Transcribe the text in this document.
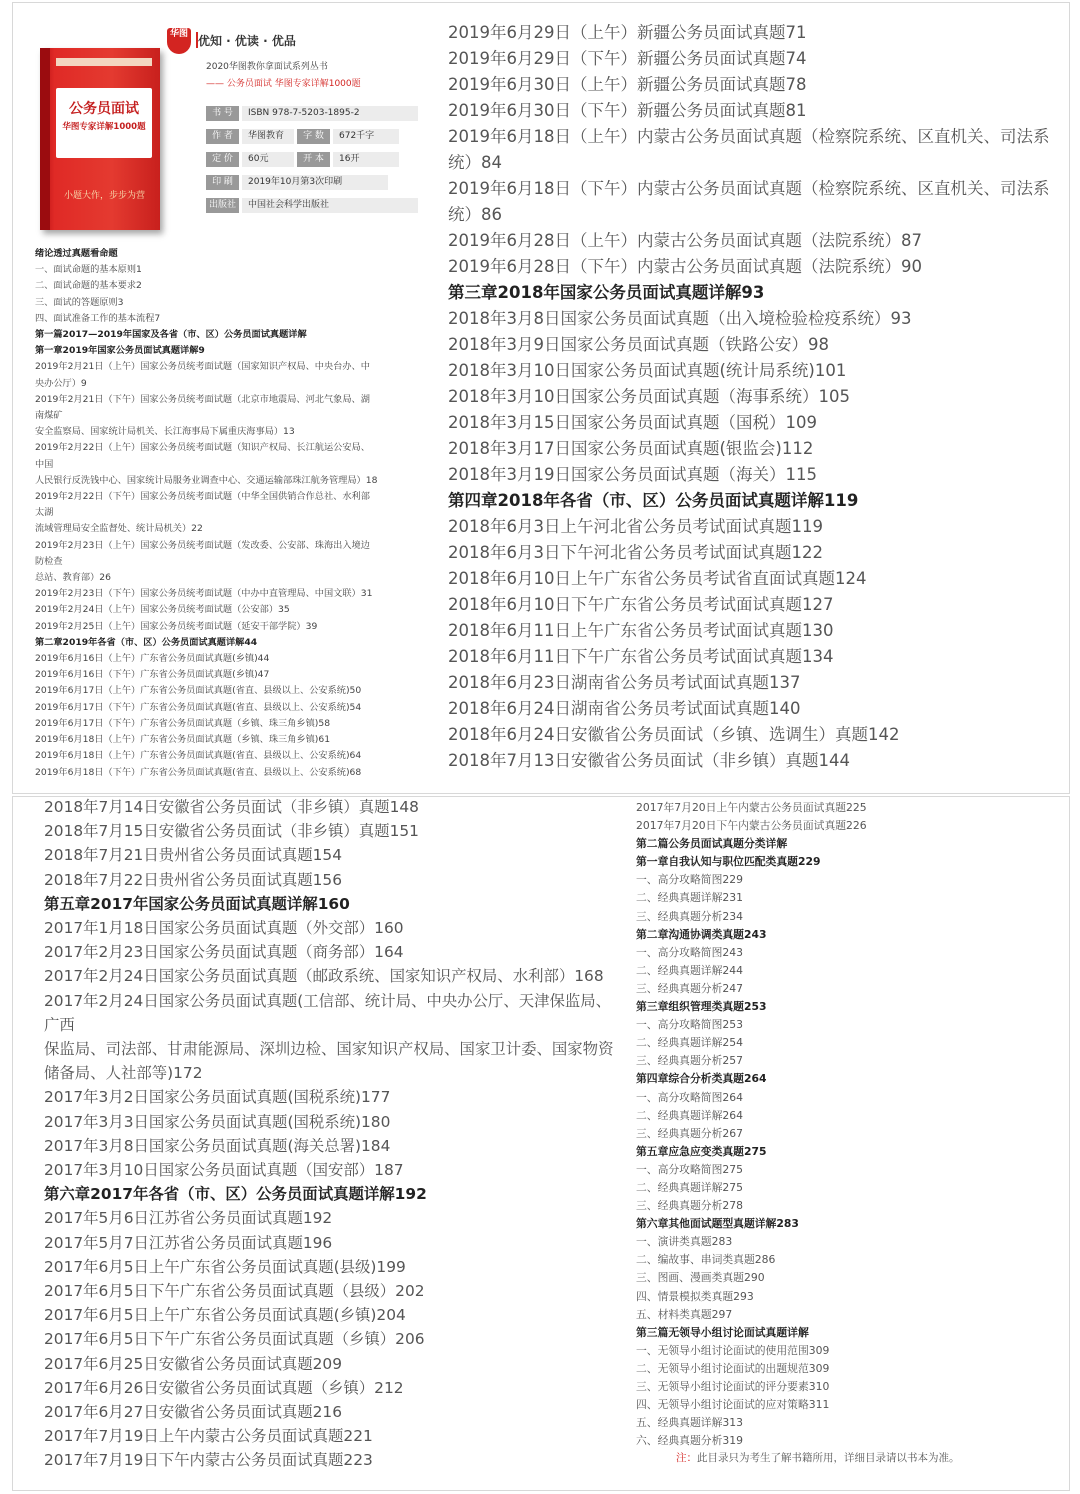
公务员面试
华图专家详解1000题
小题大作，步步为营
华图 优知 · 优读 · 优品
2020华图教你拿面试系列丛书
—— 公务员面试 华图专家详解1000题
书 号	ISBN 978-7-5203-1895-2
作 者	华图教育	字 数	672千字
定 价	60元	开 本	16开
印 刷	2019年10月第3次印刷
出版社	中国社会科学出版社
绪论透过真题看命题
一、面试命题的基本原则1
二、面试命题的基本要求2
三、面试的答题原则3
四、面试准备工作的基本流程7
第一篇2017—2019年国家及各省（市、区）公务员面试真题详解
第一章2019年国家公务员面试真题详解9
2019年2月21日（上午）国家公务员统考面试题（国家知识产权局、中央台办、中
央办公厅）9
2019年2月21日（下午）国家公务员统考面试题（北京市地震局、河北气象局、湖
南煤矿
安全监察局、国家统计局机关、长江海事局下属重庆海事局）13
2019年2月22日（上午）国家公务员统考面试题（知识产权局、长江航运公安局、
中国
人民银行反洗钱中心、国家统计局服务业调查中心、交通运输部珠江航务管理局）18
2019年2月22日（下午）国家公务员统考面试题（中华全国供销合作总社、水利部
太湖
流域管理局安全监督处、统计局机关）22
2019年2月23日（上午）国家公务员统考面试题（发改委、公安部、珠海出入境边
防检查
总站、教育部）26
2019年2月23日（下午）国家公务员统考面试题（中办中直管理局、中国文联）31
2019年2月24日（上午）国家公务员统考面试题（公安部）35
2019年2月25日（上午）国家公务员统考面试题（延安干部学院）39
第二章2019年各省（市、区）公务员面试真题详解44
2019年6月16日（上午）广东省公务员面试真题(乡镇)44
2019年6月16日（下午）广东省公务员面试真题(乡镇)47
2019年6月17日（上午）广东省公务员面试真题(省直、县级以上、公安系统)50
2019年6月17日（下午）广东省公务员面试真题(省直、县级以上、公安系统)54
2019年6月17日（下午）广东省公务员面试真题（乡镇、珠三角乡镇)58
2019年6月18日（上午）广东省公务员面试真题（乡镇、珠三角乡镇)61
2019年6月18日（上午）广东省公务员面试真题(省直、县级以上、公安系统)64
2019年6月18日（下午）广东省公务员面试真题(省直、县级以上、公安系统)68
2019年6月29日（上午）新疆公务员面试真题71
2019年6月29日（下午）新疆公务员面试真题74
2019年6月30日（上午）新疆公务员面试真题78
2019年6月30日（下午）新疆公务员面试真题81
2019年6月18日（上午）内蒙古公务员面试真题（检察院系统、区直机关、司法系
统）84
2019年6月18日（下午）内蒙古公务员面试真题（检察院系统、区直机关、司法系
统）86
2019年6月28日（上午）内蒙古公务员面试真题（法院系统）87
2019年6月28日（下午）内蒙古公务员面试真题（法院系统）90
第三章2018年国家公务员面试真题详解93
2018年3月8日国家公务员面试真题（出入境检验检疫系统）93
2018年3月9日国家公务员面试真题（铁路公安）98
2018年3月10日国家公务员面试真题(统计局系统)101
2018年3月10日国家公务员面试真题（海事系统）105
2018年3月15日国家公务员面试真题（国税）109
2018年3月17日国家公务员面试真题(银监会)112
2018年3月19日国家公务员面试真题（海关）115
第四章2018年各省（市、区）公务员面试真题详解119
2018年6月3日上午河北省公务员考试面试真题119
2018年6月3日下午河北省公务员考试面试真题122
2018年6月10日上午广东省公务员考试省直面试真题124
2018年6月10日下午广东省公务员考试面试真题127
2018年6月11日上午广东省公务员考试面试真题130
2018年6月11日下午广东省公务员考试面试真题134
2018年6月23日湖南省公务员考试面试真题137
2018年6月24日湖南省公务员考试面试真题140
2018年6月24日安徽省公务员面试（乡镇、选调生）真题142
2018年7月13日安徽省公务员面试（非乡镇）真题144
2018年7月14日安徽省公务员面试（非乡镇）真题148
2018年7月15日安徽省公务员面试（非乡镇）真题151
2018年7月21日贵州省公务员面试真题154
2018年7月22日贵州省公务员面试真题156
第五章2017年国家公务员面试真题详解160
2017年1月18日国家公务员面试真题（外交部）160
2017年2月23日国家公务员面试真题（商务部）164
2017年2月24日国家公务员面试真题（邮政系统、国家知识产权局、水利部）168
2017年2月24日国家公务员面试真题(工信部、统计局、中央办公厅、天津保监局、
广西
保监局、司法部、甘肃能源局、深圳边检、国家知识产权局、国家卫计委、国家物资
储备局、人社部等)172
2017年3月2日国家公务员面试真题(国税系统)177
2017年3月3日国家公务员面试真题(国税系统)180
2017年3月8日国家公务员面试真题(海关总署)184
2017年3月10日国家公务员面试真题（国安部）187
第六章2017年各省（市、区）公务员面试真题详解192
2017年5月6日江苏省公务员面试真题192
2017年5月7日江苏省公务员面试真题196
2017年6月5日上午广东省公务员面试真题(县级)199
2017年6月5日下午广东省公务员面试真题（县级）202
2017年6月5日上午广东省公务员面试真题(乡镇)204
2017年6月5日下午广东省公务员面试真题（乡镇）206
2017年6月25日安徽省公务员面试真题209
2017年6月26日安徽省公务员面试真题（乡镇）212
2017年6月27日安徽省公务员面试真题216
2017年7月19日上午内蒙古公务员面试真题221
2017年7月19日下午内蒙古公务员面试真题223
2017年7月20日上午内蒙古公务员面试真题225
2017年7月20日下午内蒙古公务员面试真题226
第二篇公务员面试真题分类详解
第一章自我认知与职位匹配类真题229
一、高分攻略简图229
二、经典真题详解231
三、经典真题分析234
第二章沟通协调类真题243
一、高分攻略简图243
二、经典真题详解244
三、经典真题分析247
第三章组织管理类真题253
一、高分攻略简图253
二、经典真题详解254
三、经典真题分析257
第四章综合分析类真题264
一、高分攻略简图264
二、经典真题详解264
三、经典真题分析267
第五章应急应变类真题275
一、高分攻略简图275
二、经典真题详解275
三、经典真题分析278
第六章其他面试题型真题详解283
一、演讲类真题283
二、编故事、串词类真题286
三、图画、漫画类真题290
四、情景模拟类真题293
五、材料类真题297
第三篇无领导小组讨论面试真题详解
一、无领导小组讨论面试的使用范围309
二、无领导小组讨论面试的出题规范309
三、无领导小组讨论面试的评分要素310
四、无领导小组讨论面试的应对策略311
五、经典真题详解313
六、经典真题分析319
注：此目录只为考生了解书籍所用，详细目录请以书本为准。
